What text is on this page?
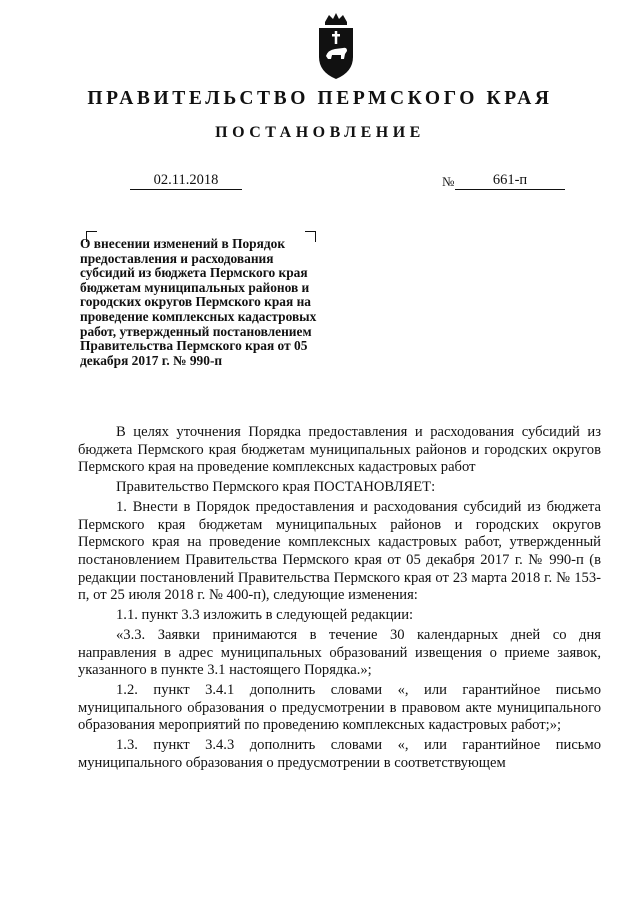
ПРАВИТЕЛЬСТВО ПЕРМСКОГО КРАЯ
ПОСТАНОВЛЕНИЕ
02.11.2018	№	661-п

О внесении изменений в Порядок предоставления и расходования субсидий из бюджета Пермского края бюджетам муниципальных районов и городских округов Пермского края на проведение комплексных кадастровых работ, утвержденный постановлением Правительства Пермского края от 05 декабря 2017 г. № 990-п

В целях уточнения Порядка предоставления и расходования субсидий из бюджета Пермского края бюджетам муниципальных районов и городских округов Пермского края на проведение комплексных кадастровых работ

Правительство Пермского края ПОСТАНОВЛЯЕТ:

1. Внести в Порядок предоставления и расходования субсидий из бюджета Пермского края бюджетам муниципальных районов и городских округов Пермского края на проведение комплексных кадастровых работ, утвержденный постановлением Правительства Пермского края от 05 декабря 2017 г. № 990-п (в редакции постановлений Правительства Пермского края от 23 марта 2018 г. № 153-п, от 25 июля 2018 г. № 400-п), следующие изменения:

1.1. пункт 3.3 изложить в следующей редакции:

«3.3. Заявки принимаются в течение 30 календарных дней со дня направления в адрес муниципальных образований извещения о приеме заявок, указанного в пункте 3.1 настоящего Порядка.»;

1.2. пункт 3.4.1 дополнить словами «, или гарантийное письмо муниципального образования о предусмотрении в правовом акте муниципального образования мероприятий по проведению комплексных кадастровых работ;»;

1.3. пункт 3.4.3 дополнить словами «, или гарантийное письмо муниципального образования о предусмотрении в соответствующем
